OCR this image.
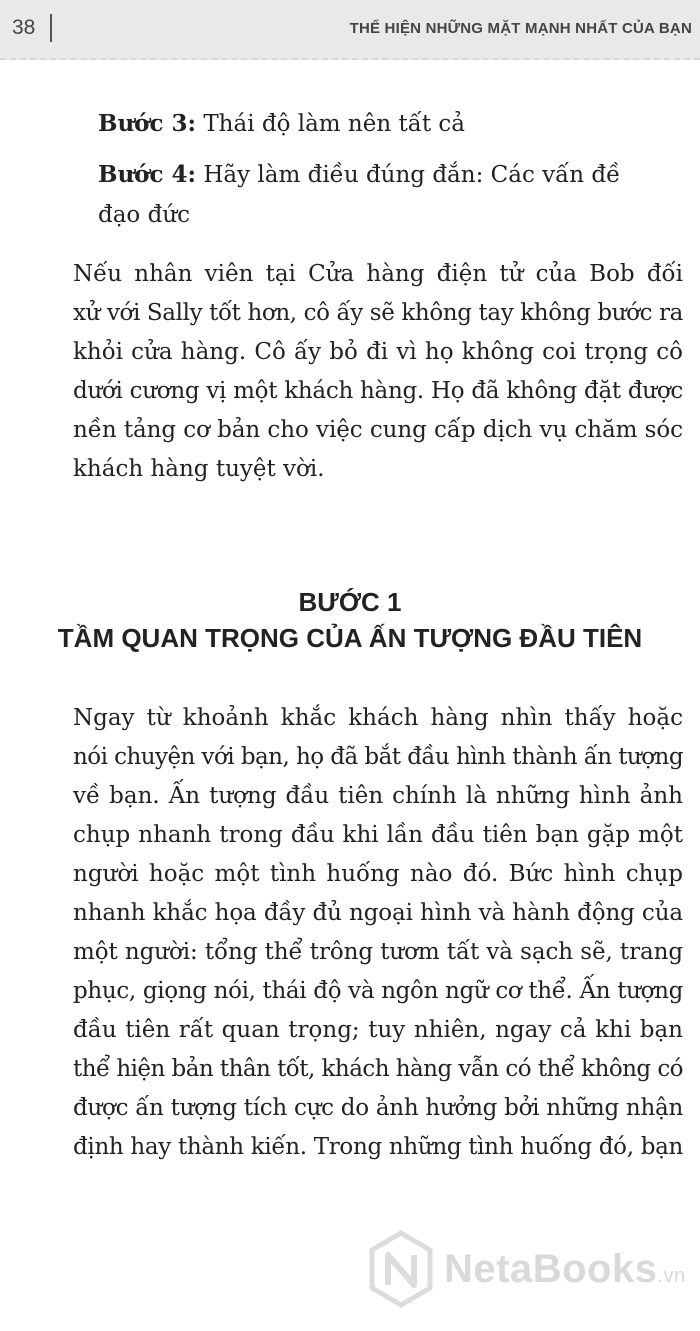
38	THỂ HIỆN NHỮNG MẶT MẠNH NHẤT CỦA BẠN

Bước 3: Thái độ làm nên tất cả

Bước 4: Hãy làm điều đúng đắn: Các vấn đề
đạo đức

Nếu nhân viên tại Cửa hàng điện tử của Bob đối
xử với Sally tốt hơn, cô ấy sẽ không tay không bước ra
khỏi cửa hàng. Cô ấy bỏ đi vì họ không coi trọng cô
dưới cương vị một khách hàng. Họ đã không đặt được
nền tảng cơ bản cho việc cung cấp dịch vụ chăm sóc
khách hàng tuyệt vời.
BƯỚC 1
TẦM QUAN TRỌNG CỦA ẤN TƯỢNG ĐẦU TIÊN
Ngay từ khoảnh khắc khách hàng nhìn thấy hoặc
nói chuyện với bạn, họ đã bắt đầu hình thành ấn tượng
về bạn. Ấn tượng đầu tiên chính là những hình ảnh
chụp nhanh trong đầu khi lần đầu tiên bạn gặp một
người hoặc một tình huống nào đó. Bức hình chụp
nhanh khắc họa đầy đủ ngoại hình và hành động của
một người: tổng thể trông tươm tất và sạch sẽ, trang
phục, giọng nói, thái độ và ngôn ngữ cơ thể. Ấn tượng
đầu tiên rất quan trọng; tuy nhiên, ngay cả khi bạn
thể hiện bản thân tốt, khách hàng vẫn có thể không có
được ấn tượng tích cực do ảnh hưởng bởi những nhận
định hay thành kiến. Trong những tình huống đó, bạn
NetaBooks.vn
